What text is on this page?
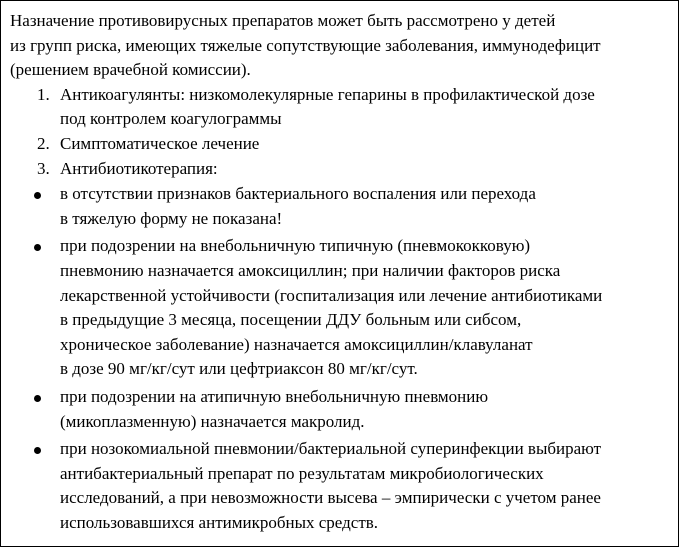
Назначение противовирусных препаратов может быть рассмотрено у детей
из групп риска, имеющих тяжелые сопутствующие заболевания, иммунодефицит
(решением врачебной комиссии).
1. Антикоагулянты: низкомолекулярные гепарины в профилактической дозе
под контролем коагулограммы
2. Симптоматическое лечение
3. Антибиотикотерапия:
в отсутствии признаков бактериального воспаления или перехода
в тяжелую форму не показана!
при подозрении на внебольничную типичную (пневмококковую)
пневмонию назначается амоксициллин; при наличии факторов риска
лекарственной устойчивости (госпитализация или лечение антибиотиками
в предыдущие 3 месяца, посещении ДДУ больным или сибсом,
хроническое заболевание) назначается амоксициллин/клавуланат
в дозе 90 мг/кг/сут или цефтриаксон 80 мг/кг/сут.
при подозрении на атипичную внебольничную пневмонию
(микоплазменную) назначается макролид.
при нозокомиальной пневмонии/бактериальной суперинфекции выбирают
антибактериальный препарат по результатам микробиологических
исследований, а при невозможности высева – эмпирически с учетом ранее
использовавшихся антимикробных средств.
